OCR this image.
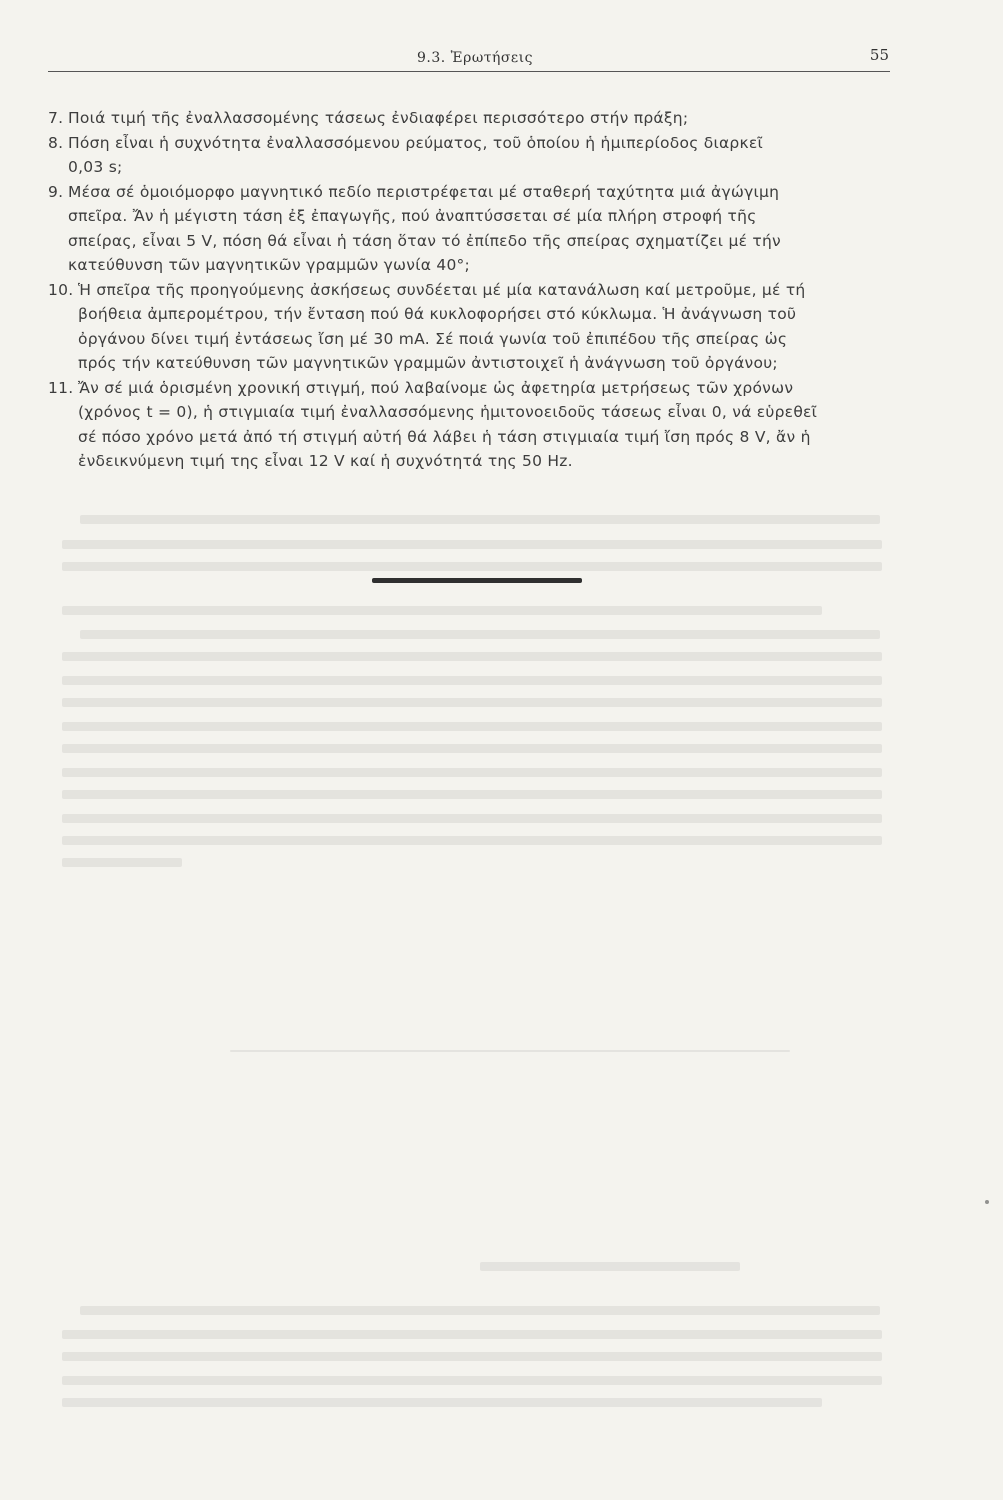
9.3. Ἐρωτήσεις	55
7. Ποιά τιμή τῆς ἐναλλασσομένης τάσεως ἐνδιαφέρει περισσότερο στήν πράξη;
8. Πόση εἶναι ἡ συχνότητα ἐναλλασσόμενου ρεύματος, τοῦ ὁποίου ἡ ἡμιπερίοδος διαρκεῖ
0,03 s;
9. Μέσα σέ ὁμοιόμορφο μαγνητικό πεδίο περιστρέφεται μέ σταθερή ταχύτητα μιά ἀγώγιμη
σπεῖρα. Ἄν ἡ μέγιστη τάση ἐξ ἐπαγωγῆς, πού ἀναπτύσσεται σέ μία πλήρη στροφή τῆς
σπείρας, εἶναι 5 V, πόση θά εἶναι ἡ τάση ὅταν τό ἐπίπεδο τῆς σπείρας σχηματίζει μέ τήν
κατεύθυνση τῶν μαγνητικῶν γραμμῶν γωνία 40°;
10. Ἡ σπεῖρα τῆς προηγούμενης ἀσκήσεως συνδέεται μέ μία κατανάλωση καί μετροῦμε, μέ τή
βοήθεια ἀμπερομέτρου, τήν ἔνταση πού θά κυκλοφορήσει στό κύκλωμα. Ἡ ἀνάγνωση τοῦ
ὀργάνου δίνει τιμή ἐντάσεως ἴση μέ 30 mA. Σέ ποιά γωνία τοῦ ἐπιπέδου τῆς σπείρας ὡς
πρός τήν κατεύθυνση τῶν μαγνητικῶν γραμμῶν ἀντιστοιχεῖ ἡ ἀνάγνωση τοῦ ὀργάνου;
11. Ἄν σέ μιά ὁρισμένη χρονική στιγμή, πού λαβαίνομε ὡς ἀφετηρία μετρήσεως τῶν χρόνων
(χρόνος t = 0), ἡ στιγμιαία τιμή ἐναλλασσόμενης ἡμιτονοειδοῦς τάσεως εἶναι 0, νά εὑρεθεῖ
σέ πόσο χρόνο μετά ἀπό τή στιγμή αὐτή θά λάβει ἡ τάση στιγμιαία τιμή ἴση πρός 8 V, ἄν ἡ
ἐνδεικνύμενη τιμή της εἶναι 12 V καί ἡ συχνότητά της 50 Hz.
